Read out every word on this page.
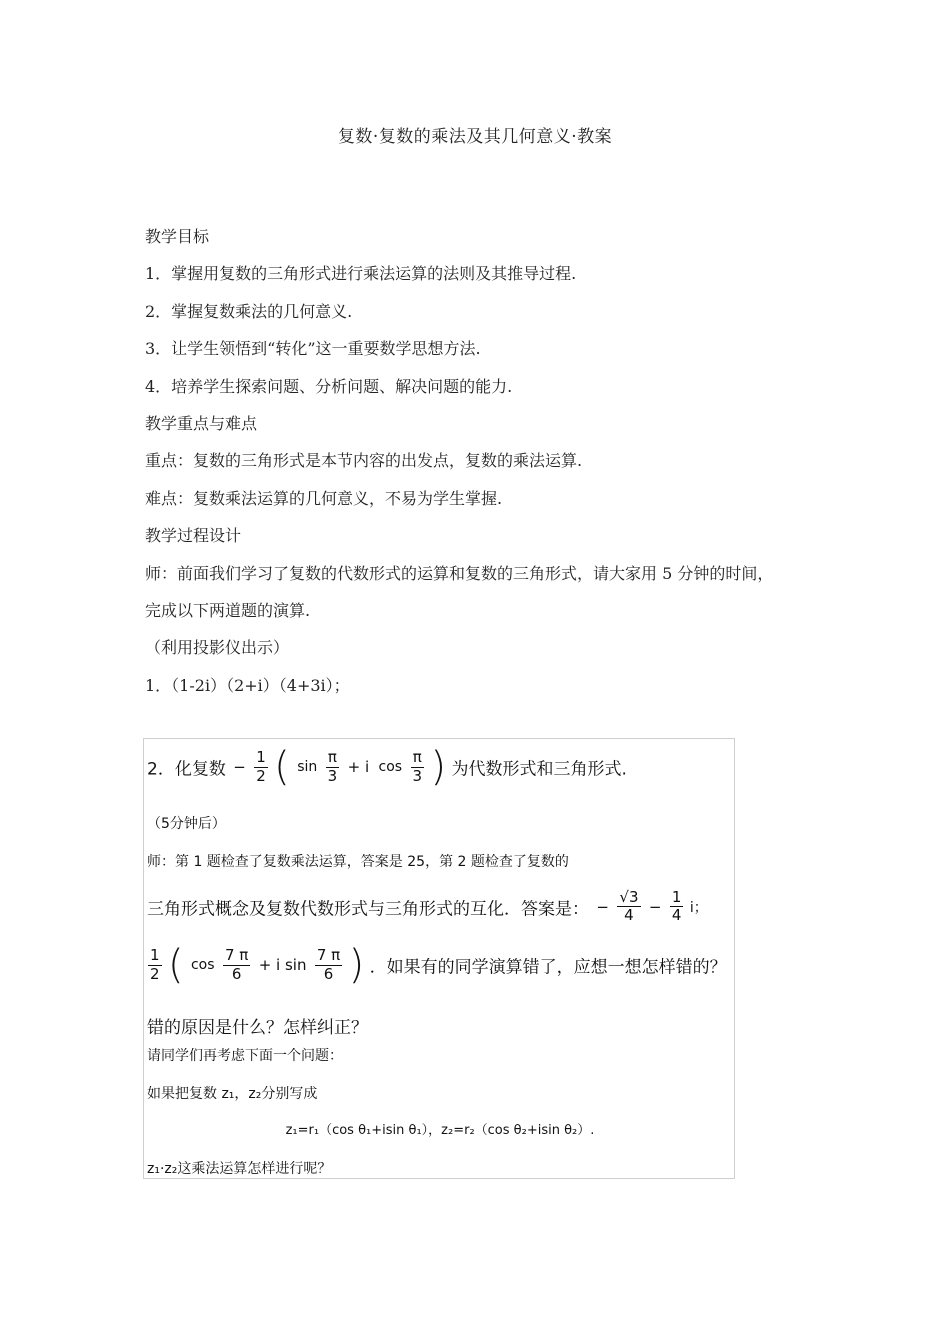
复数·复数的乘法及其几何意义·教案
教学目标
1．掌握用复数的三角形式进行乘法运算的法则及其推导过程.
2．掌握复数乘法的几何意义.
3．让学生领悟到“转化”这一重要数学思想方法.
4．培养学生探索问题、分析问题、解决问题的能力.
教学重点与难点
重点：复数的三角形式是本节内容的出发点，复数的乘法运算.
难点：复数乘法运算的几何意义，不易为学生掌握.
教学过程设计
师：前面我们学习了复数的代数形式的运算和复数的三角形式，请大家用 5 分钟的时间，
完成以下两道题的演算.
（利用投影仪出示）
1．（1-2i）（2+i）（4+3i）；
2．化复数 − $\frac{1}{2}$ ( $\sin \frac{\pi}{3} + i$ $\cos \frac{\pi}{3}$ ) 为代数形式和三角形式.
（5分钟后）
师：第 1 题检查了复数乘法运算，答案是 25，第 2 题检查了复数的
三角形式概念及复数代数形式与三角形式的互化．答案是： − $\frac{√3}{4} - \frac{1}{4}$ i；
$\frac{1}{2}$ ( $\cos \frac{7 \pi}{6} + i$ $\sin \frac{7 \pi}{6}$ ) ．如果有的同学演算错了，应想一想怎样错的？
错的原因是什么？怎样纠正？
请同学们再考虑下面一个问题：
如果把复数 z₁，z₂分别写成
z₁=r₁（cos θ₁+isin θ₁），z₂=r₂（cos θ₂+isin θ₂）.
z₁·z₂这乘法运算怎样进行呢？
